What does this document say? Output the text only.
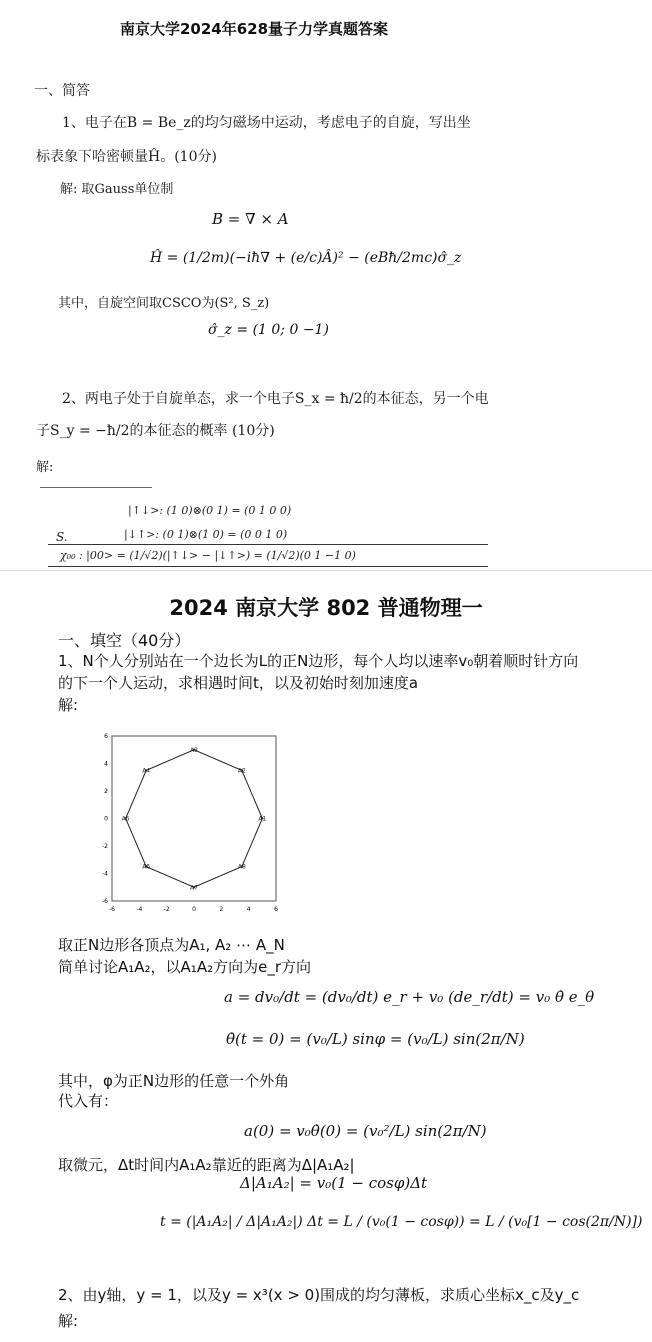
南京大学2024年628量子力学真题答案
一、简答
1、电子在B = Be_z的均匀磁场中运动，考虑电子的自旋，写出坐
标表象下哈密顿量Ĥ。(10分)
解: 取Gauss单位制
B = ∇ × A
Ĥ = (1/2m)(−iħ∇ + (e/c)Â)² − (eBħ/2mc)σ̂_z
其中，自旋空间取CSCO为(S², S_z)
σ̂_z = (1 0; 0 −1)
2、两电子处于自旋单态，求一个电子S_x = ħ/2的本征态，另一个电
子S_y = −ħ/2的本征态的概率 (10分)
解:
|↑↓>: (1 0)⊗(0 1) = (0 1 0 0)
|↓↑>: (0 1)⊗(1 0) = (0 0 1 0)
S.
χ₀₀ : |00> = (1/√2)(|↑↓> − |↓↑>) = (1/√2)(0 1 −1 0)
2024 南京大学 802 普通物理一
一、填空（40分）
1、N个人分别站在一个边长为L的正N边形，每个人均以速率v₀朝着顺时针方向
的下一个人运动，求相遇时间t，以及初始时刻加速度a
解:
-6	-4	-2	0	2	4	6
6
4
2
0
-2
-4
-6
A1
A2
A3
A4
A5
A6
A7
A8
取正N边形各顶点为A₁, A₂ ⋯ A_N
简单讨论A₁A₂，以A₁A₂方向为e_r方向
a = dv₀/dt = (dv₀/dt) e_r + v₀ (de_r/dt) = v₀ θ̇ e_θ
θ̇(t = 0) = (v₀/L) sinφ = (v₀/L) sin(2π/N)
其中，φ为正N边形的任意一个外角
代入有：
a(0) = v₀θ̇(0) = (v₀²/L) sin(2π/N)
取微元，Δt时间内A₁A₂靠近的距离为Δ|A₁A₂|
Δ|A₁A₂| = v₀(1 − cosφ)Δt
t = (|A₁A₂| / Δ|A₁A₂|) Δt = L / (v₀(1 − cosφ)) = L / (v₀[1 − cos(2π/N)])
2、由y轴，y = 1，以及y = x³(x > 0)围成的均匀薄板，求质心坐标x_c及y_c
解:
